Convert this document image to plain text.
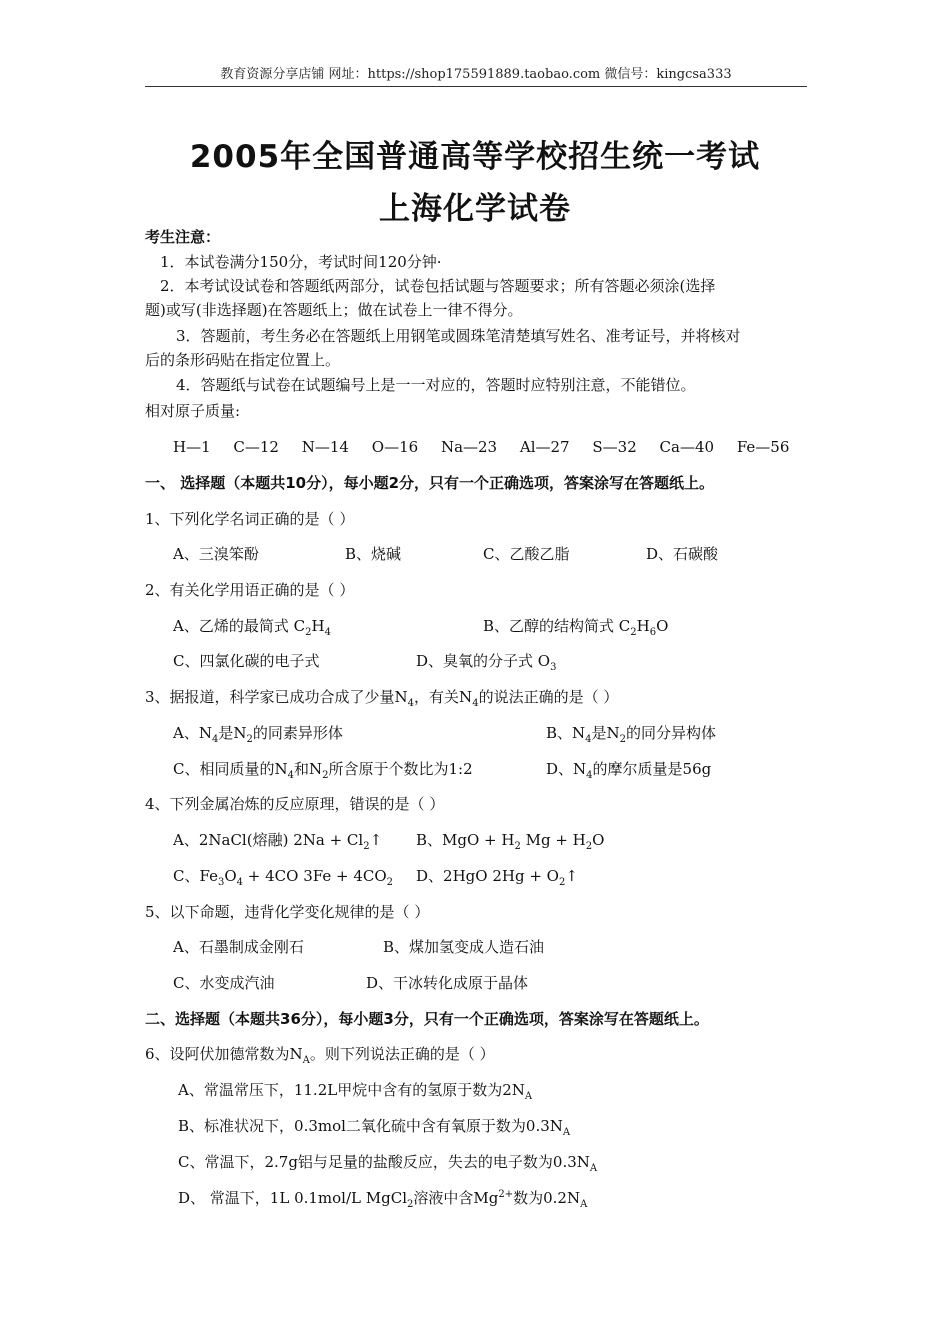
教育资源分享店铺 网址：https://shop175591889.taobao.com 微信号：kingcsa333
2005年全国普通高等学校招生统一考试
上海化学试卷
考生注意：
1．本试卷满分150分，考试时间120分钟·
2．本考试设试卷和答题纸两部分，试卷包括试题与答题要求；所有答题必须涂(选择
题)或写(非选择题)在答题纸上；做在试卷上一律不得分。
3．答题前，考生务必在答题纸上用钢笔或圆珠笔清楚填写姓名、准考证号，并将核对
后的条形码贴在指定位置上。
4．答题纸与试卷在试题编号上是一一对应的，答题时应特别注意，不能错位。
相对原子质量:
H—1 C—12 N—14 O—16 Na—23 Al—27 S—32 Ca—40 Fe—56
一、 选择题（本题共10分），每小题2分，只有一个正确选项，答案涂写在答题纸上。
1、下列化学名词正确的是（ ）
A、三溴笨酚	B、烧碱	C、乙酸乙脂	D、石碳酸
2、有关化学用语正确的是（ ）
A、乙烯的最简式 $C_2H_4$	B、乙醇的结构简式 $C_2H_6O$
C、四氯化碳的电子式	D、臭氧的分子式 $O_3$
3、据报道，科学家已成功合成了少量$N_4$，有关$N_4$的说法正确的是（ ）
A、$N_4$是$N_2$的同素异形体	B、$N_4$是$N_2$的同分异构体
C、相同质量的$N_4$和$N_2$所含原于个数比为1:2	D、$N_4$的摩尔质量是56g
4、下列金属冶炼的反应原理，错误的是（ ）
A、2NaCl(熔融) $2Na + Cl_2↑$ B、MgO + $H_2$ $Mg + H_2O$
C、$Fe_3O_4 + 4CO$ $3Fe + 4CO_2$ D、2HgO $2Hg + O_2↑$
5、以下命题，违背化学变化规律的是（ ）
A、石墨制成金刚石	B、煤加氢变成人造石油
C、水变成汽油	D、干冰转化成原于晶体
二、选择题（本题共36分），每小题3分，只有一个正确选项，答案涂写在答题纸上。
6、设阿伏加德常数为$N_A$。则下列说法正确的是（ ）
A、常温常压下，11.2L甲烷中含有的氢原于数为$2N_A$
B、标准状况下，0.3mol二氧化硫中含有氧原于数为$0.3N_A$
C、常温下，2.7g铝与足量的盐酸反应，失去的电子数为$0.3N_A$
D、 常温下，1L 0.1mol/L MgCl$_2$溶液中含$Mg^{2+}$数为$0.2N_A$
